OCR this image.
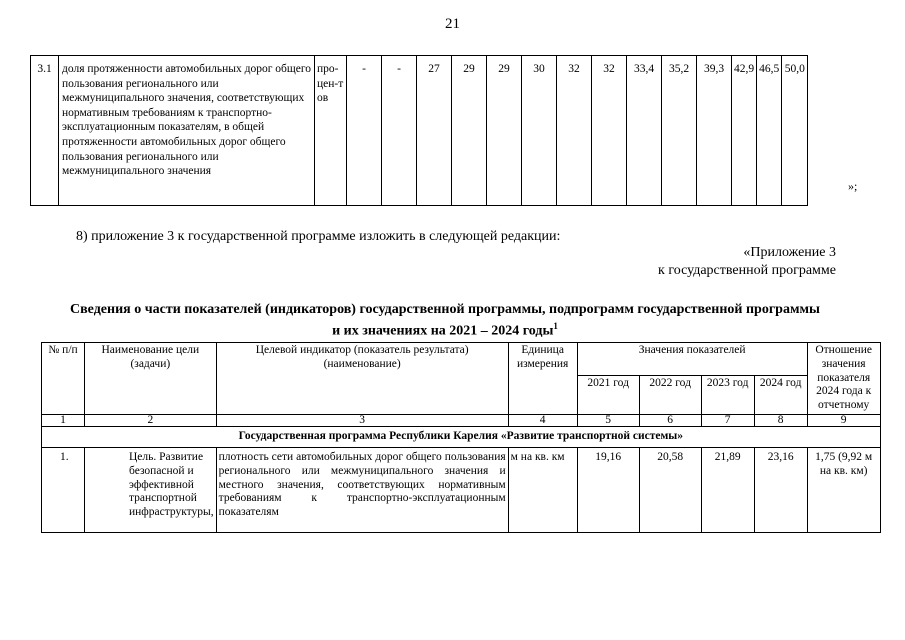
21
3.1	доля протяженности автомобильных дорог общего пользования регионального или межмуниципального значения, соответствующих нормативным требованиям к транспортно-эксплуатационным показателям, в общей протяженности автомобильных дорог общего пользования регионального или межмуниципального значения	про-цен-тов	-	-	27	29	29	30	32	32	33,4	35,2	39,3	42,9	46,5	50,0
»;
8) приложение 3 к государственной программе изложить в следующей редакции:
«Приложение 3
к государственной программе
Сведения о части показателей (индикаторов) государственной программы, подпрограмм государственной программы
и их значениях на 2021 – 2024 годы$^1$
№ п/п	Наименование цели (задачи)	Целевой индикатор (показатель результата) (наименование)	Единица измерения	Значения показателей				Отношение значения показателя 2024 года к отчетному
				2021 год	2022 год	2023 год	2024 год	
1	2	3	4	5	6	7	8	9
Государственная программа Республики Карелия «Развитие транспортной системы»								
1.	Цель. Развитие безопасной и эффективной транспортной инфраструктуры,	плотность сети автомобильных дорог общего пользования регионального или межмуниципального значения и местного значения, соответствующих нормативным требованиям к транспортно-эксплуатационным показателям	м на кв. км	19,16	20,58	21,89	23,16	1,75 (9,92 м на кв. км)
